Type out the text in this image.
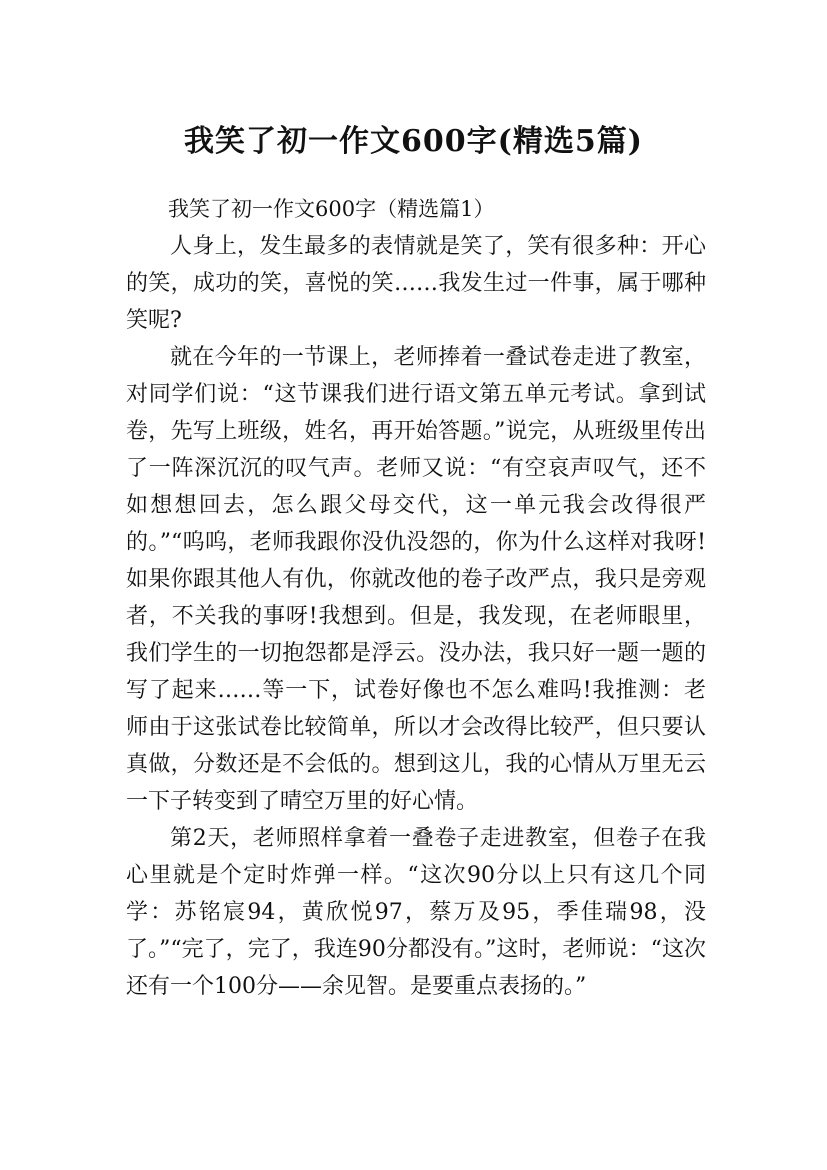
我笑了初一作文600字(精选5篇)

我笑了初一作文600字（精选篇1）

人身上，发生最多的表情就是笑了，笑有很多种：开心的笑，成功的笑，喜悦的笑……我发生过一件事，属于哪种笑呢?

就在今年的一节课上，老师捧着一叠试卷走进了教室，对同学们说：“这节课我们进行语文第五单元考试。拿到试卷，先写上班级，姓名，再开始答题。”说完，从班级里传出了一阵深沉沉的叹气声。老师又说：“有空哀声叹气，还不如想想回去，怎么跟父母交代，这一单元我会改得很严的。”“呜呜，老师我跟你没仇没怨的，你为什么这样对我呀!如果你跟其他人有仇，你就改他的卷子改严点，我只是旁观者，不关我的事呀!我想到。但是，我发现，在老师眼里，我们学生的一切抱怨都是浮云。没办法，我只好一题一题的写了起来……等一下，试卷好像也不怎么难吗!我推测：老师由于这张试卷比较简单，所以才会改得比较严，但只要认真做，分数还是不会低的。想到这儿，我的心情从万里无云一下子转变到了晴空万里的好心情。

第2天，老师照样拿着一叠卷子走进教室，但卷子在我心里就是个定时炸弹一样。“这次90分以上只有这几个同学：苏铭宸94，黄欣悦97，蔡万及95，季佳瑞98，没了。”“完了，完了，我连90分都没有。”这时，老师说：“这次还有一个100分——余见智。是要重点表扬的。”
